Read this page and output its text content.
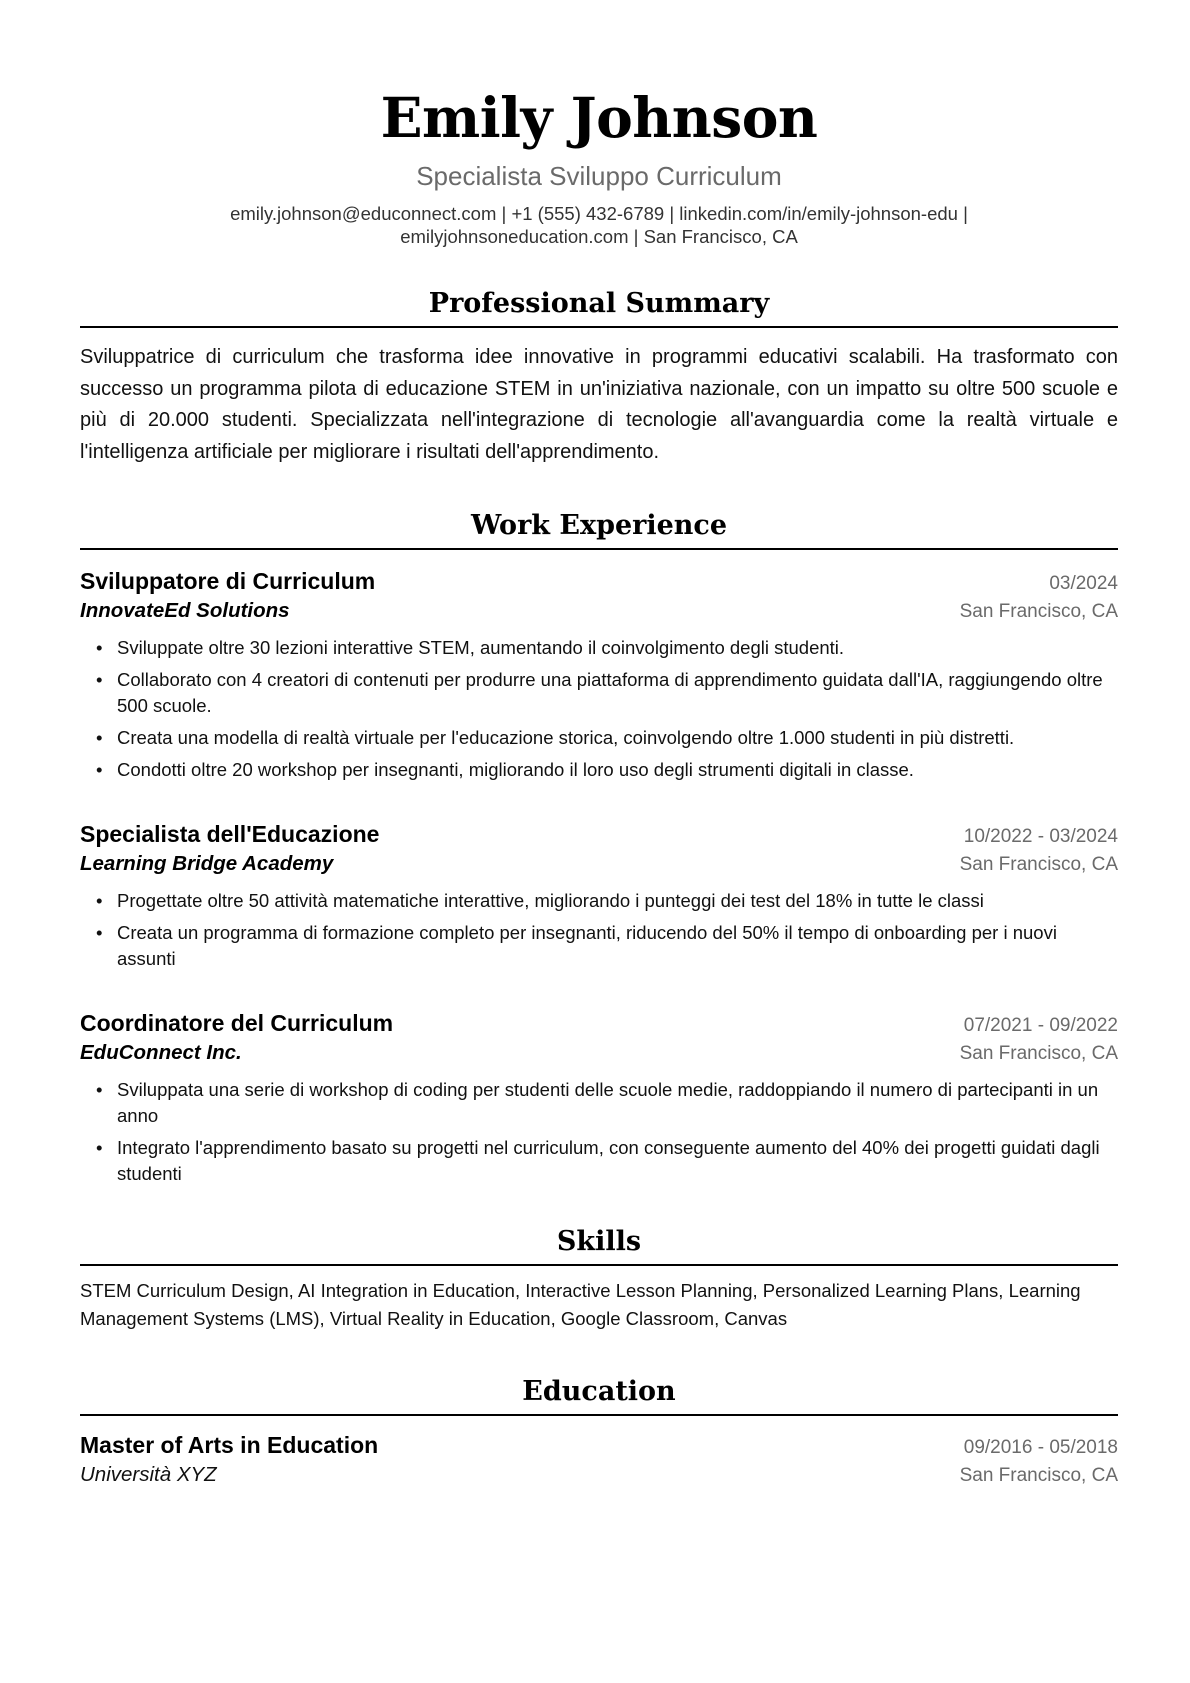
Emily Johnson
Specialista Sviluppo Curriculum
emily.johnson@educonnect.com | +1 (555) 432-6789 | linkedin.com/in/emily-johnson-edu |
emilyjohnsoneducation.com | San Francisco, CA
Professional Summary
Sviluppatrice di curriculum che trasforma idee innovative in programmi educativi scalabili. Ha trasformato con successo un programma pilota di educazione STEM in un'iniziativa nazionale, con un impatto su oltre 500 scuole e più di 20.000 studenti. Specializzata nell'integrazione di tecnologie all'avanguardia come la realtà virtuale e l'intelligenza artificiale per migliorare i risultati dell'apprendimento.
Work Experience
Sviluppatore di Curriculum	03/2024
InnovateEd Solutions	San Francisco, CA
• Sviluppate oltre 30 lezioni interattive STEM, aumentando il coinvolgimento degli studenti.
• Collaborato con 4 creatori di contenuti per produrre una piattaforma di apprendimento guidata dall'IA, raggiungendo oltre 500 scuole.
• Creata una modella di realtà virtuale per l'educazione storica, coinvolgendo oltre 1.000 studenti in più distretti.
• Condotti oltre 20 workshop per insegnanti, migliorando il loro uso degli strumenti digitali in classe.
Specialista dell'Educazione	10/2022 - 03/2024
Learning Bridge Academy	San Francisco, CA
• Progettate oltre 50 attività matematiche interattive, migliorando i punteggi dei test del 18% in tutte le classi
• Creata un programma di formazione completo per insegnanti, riducendo del 50% il tempo di onboarding per i nuovi assunti
Coordinatore del Curriculum	07/2021 - 09/2022
EduConnect Inc.	San Francisco, CA
• Sviluppata una serie di workshop di coding per studenti delle scuole medie, raddoppiando il numero di partecipanti in un anno
• Integrato l'apprendimento basato su progetti nel curriculum, con conseguente aumento del 40% dei progetti guidati dagli studenti
Skills
STEM Curriculum Design, AI Integration in Education, Interactive Lesson Planning, Personalized Learning Plans, Learning Management Systems (LMS), Virtual Reality in Education, Google Classroom, Canvas
Education
Master of Arts in Education	09/2016 - 05/2018
Università XYZ	San Francisco, CA
